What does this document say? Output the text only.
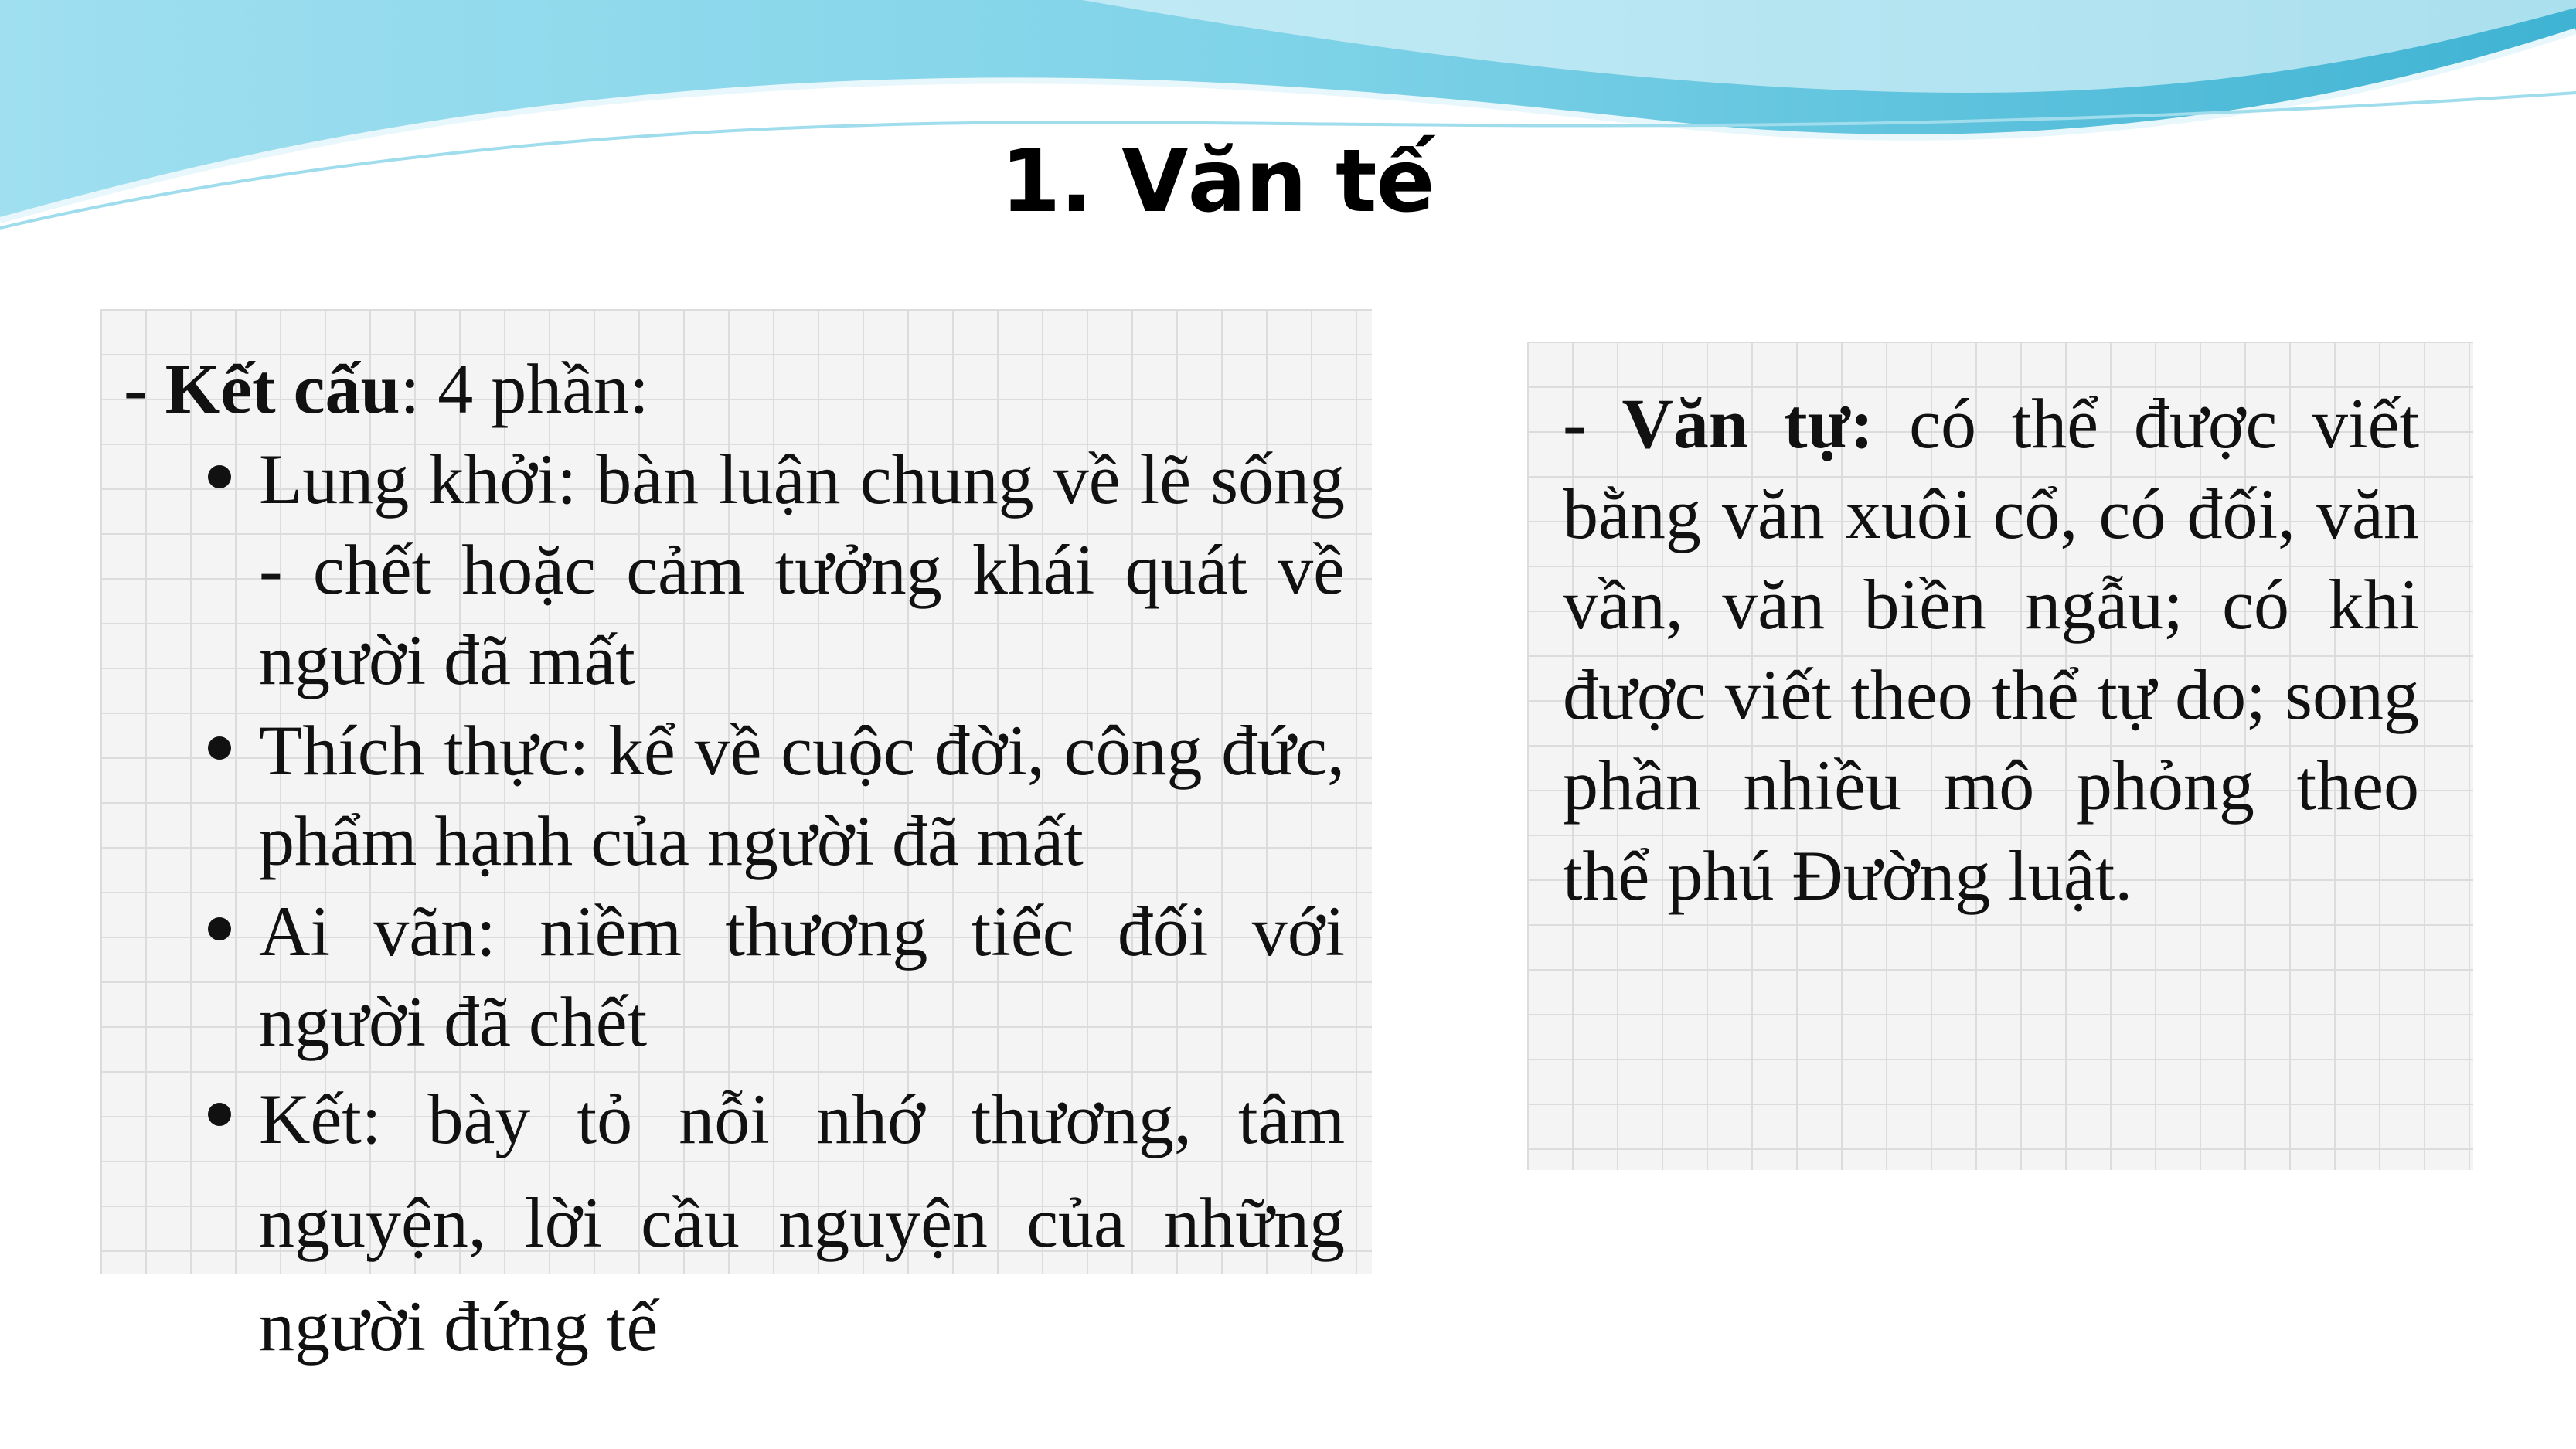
1. Văn tế

- Kết cấu: 4 phần:

Lung khởi: bàn luận chung về lẽ sống - chết hoặc cảm tưởng khái quát về người đã mất
Thích thực: kể về cuộc đời, công đức, phẩm hạnh của người đã mất
Ai vãn: niềm thương tiếc đối với người đã chết
Kết: bày tỏ nỗi nhớ thương, tâm nguyện, lời cầu nguyện của những người đứng tế

- Văn tự: có thể được viết bằng văn xuôi cổ, có đối, văn vần, văn biền ngẫu; có khi được viết theo thể tự do; song phần nhiều mô phỏng theo thể phú Đường luật.
